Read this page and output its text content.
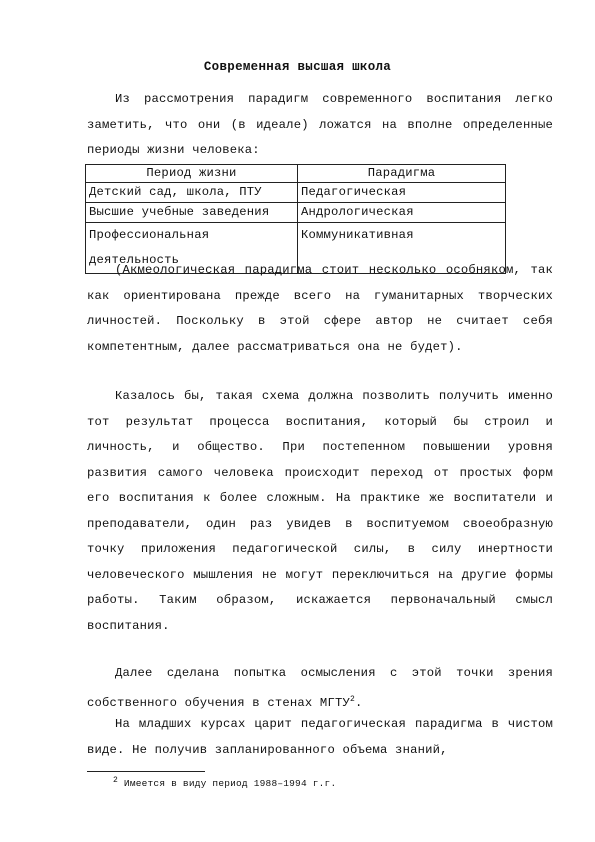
Современная высшая школа
Из рассмотрения парадигм современного воспитания легко заметить, что они (в идеале) ложатся на вполне определенные периоды жизни человека:
Период жизни	Парадигма
Детский сад, школа, ПТУ	Педагогическая
Высшие учебные заведения	Андрологическая
Профессиональная деятельность	Коммуникативная
(Акмеологическая парадигма стоит несколько особняком, так как ориентирована прежде всего на гуманитарных творческих личностей. Поскольку в этой сфере автор не считает себя компетентным, далее рассматриваться она не будет).
Казалось бы, такая схема должна позволить получить именно тот результат процесса воспитания, который бы строил и личность, и общество. При постепенном повышении уровня развития самого человека происходит переход от простых форм его воспитания к более сложным. На практике же воспитатели и преподаватели, один раз увидев в воспитуемом своеобразную точку приложения педагогической силы, в силу инертности человеческого мышления не могут переключиться на другие формы работы. Таким образом, искажается первоначальный смысл воспитания.
Далее сделана попытка осмысления с этой точки зрения собственного обучения в стенах МГТУ$^2$.
На младших курсах царит педагогическая парадигма в чистом виде. Не получив запланированного объема знаний,
$^2$ Имеется в виду период 1988–1994 г.г.
